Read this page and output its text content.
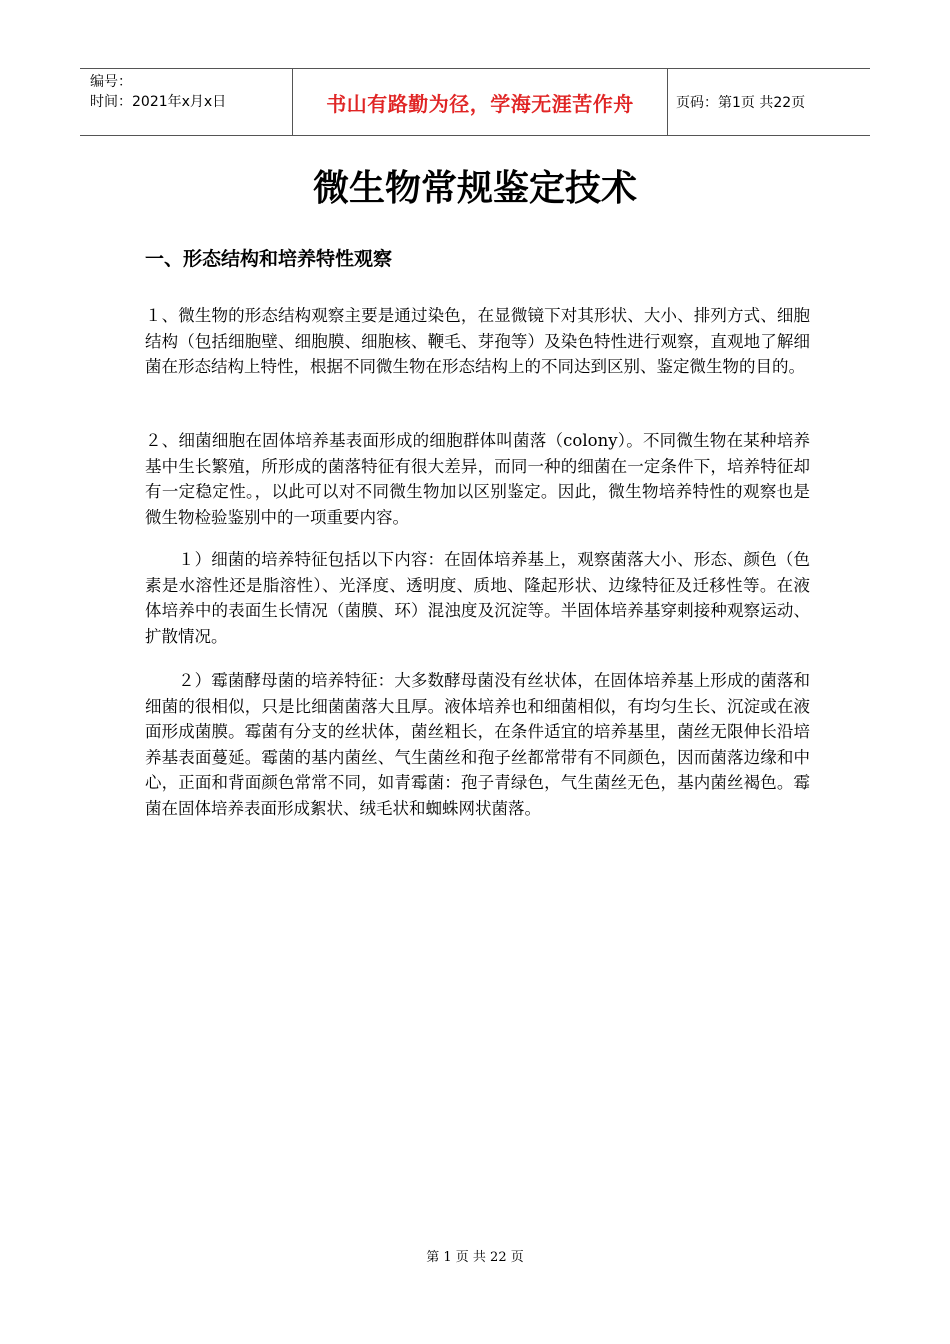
编号：
时间：2021年x月x日	书山有路勤为径，学海无涯苦作舟	页码：第1页 共22页
微生物常规鉴定技术
一、形态结构和培养特性观察

１、微生物的形态结构观察主要是通过染色，在显微镜下对其形状、大小、排列方式、细胞结构（包括细胞壁、细胞膜、细胞核、鞭毛、芽孢等）及染色特性进行观察，直观地了解细菌在形态结构上特性，根据不同微生物在形态结构上的不同达到区别、鉴定微生物的目的。

２、细菌细胞在固体培养基表面形成的细胞群体叫菌落（colony）。不同微生物在某种培养基中生长繁殖，所形成的菌落特征有很大差异，而同一种的细菌在一定条件下，培养特征却有一定稳定性。，以此可以对不同微生物加以区别鉴定。因此，微生物培养特性的观察也是微生物检验鉴别中的一项重要内容。

１）细菌的培养特征包括以下内容：在固体培养基上，观察菌落大小、形态、颜色（色素是水溶性还是脂溶性）、光泽度、透明度、质地、隆起形状、边缘特征及迁移性等。在液体培养中的表面生长情况（菌膜、环）混浊度及沉淀等。半固体培养基穿刺接种观察运动、扩散情况。

２）霉菌酵母菌的培养特征：大多数酵母菌没有丝状体，在固体培养基上形成的菌落和细菌的很相似，只是比细菌菌落大且厚。液体培养也和细菌相似，有均匀生长、沉淀或在液面形成菌膜。霉菌有分支的丝状体，菌丝粗长，在条件适宜的培养基里，菌丝无限伸长沿培养基表面蔓延。霉菌的基内菌丝、气生菌丝和孢子丝都常带有不同颜色，因而菌落边缘和中心，正面和背面颜色常常不同，如青霉菌：孢子青绿色，气生菌丝无色，基内菌丝褐色。霉菌在固体培养表面形成絮状、绒毛状和蜘蛛网状菌落。

第 1 页 共 22 页
